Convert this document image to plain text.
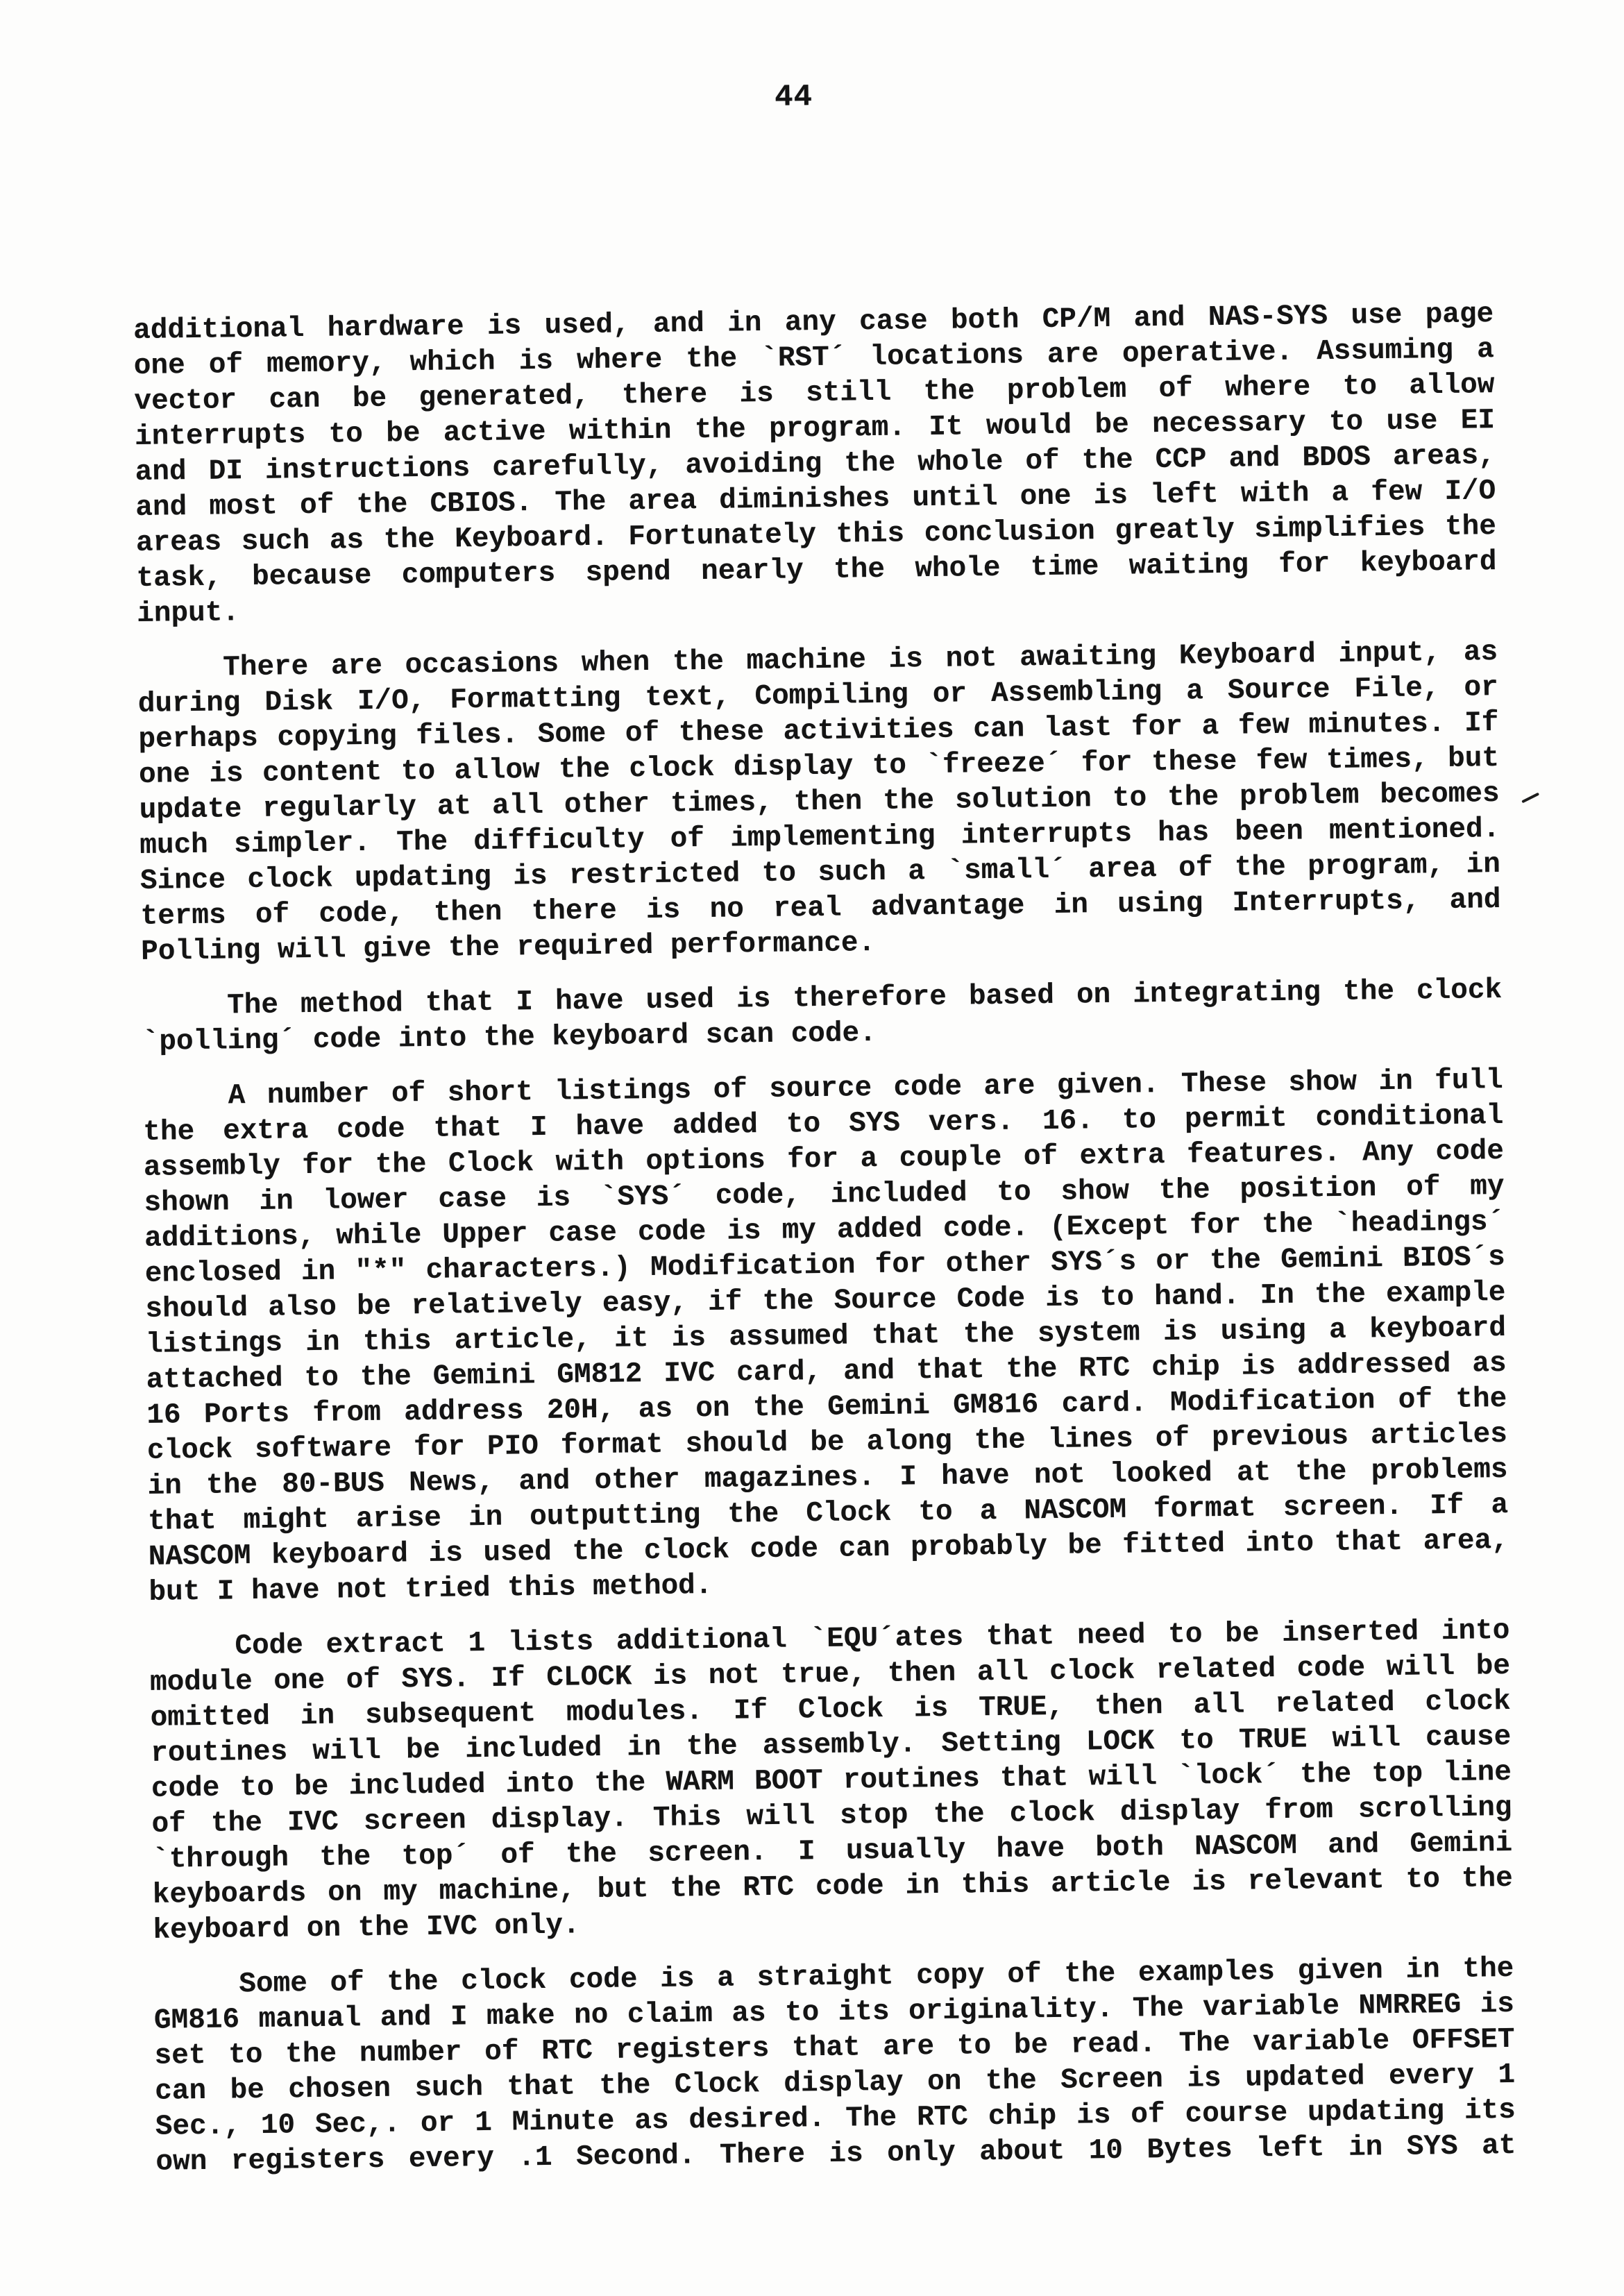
44
additional hardware is used, and in any case both CP/M and NAS-SYS use page
one of memory, which is where the `RST´ locations are operative. Assuming a
vector can be generated, there is still the problem of where to allow
interrupts to be active within the program. It would be necessary to use EI
and DI instructions carefully, avoiding the whole of the CCP and BDOS areas,
and most of the CBIOS. The area diminishes until one is left with a few I/O
areas such as the Keyboard. Fortunately this conclusion greatly simplifies the
task, because computers spend nearly the whole time waiting for keyboard
input.
There are occasions when the machine is not awaiting Keyboard input, as
during Disk I/O, Formatting text, Compiling or Assembling a Source File, or
perhaps copying files. Some of these activities can last for a few minutes. If
one is content to allow the clock display to `freeze´ for these few times, but
update regularly at all other times, then the solution to the problem becomes
much simpler. The difficulty of implementing interrupts has been mentioned.
Since clock updating is restricted to such a `small´ area of the program, in
terms of code, then there is no real advantage in using Interrupts, and
Polling will give the required performance.
The method that I have used is therefore based on integrating the clock
`polling´ code into the keyboard scan code.
A number of short listings of source code are given. These show in full
the extra code that I have added to SYS vers. 16. to permit conditional
assembly for the Clock with options for a couple of extra features. Any code
shown in lower case is `SYS´ code, included to show the position of my
additions, while Upper case code is my added code. (Except for the `headings´
enclosed in "*" characters.) Modification for other SYS´s or the Gemini BIOS´s
should also be relatively easy, if the Source Code is to hand. In the example
listings in this article, it is assumed that the system is using a keyboard
attached to the Gemini GM812 IVC card, and that the RTC chip is addressed as
16 Ports from address 20H, as on the Gemini GM816 card. Modification of the
clock software for PIO format should be along the lines of previous articles
in the 80-BUS News, and other magazines. I have not looked at the problems
that might arise in outputting the Clock to a NASCOM format screen. If a
NASCOM keyboard is used the clock code can probably be fitted into that area,
but I have not tried this method.
Code extract 1 lists additional `EQU´ates that need to be inserted into
module one of SYS. If CLOCK is not true, then all clock related code will be
omitted in subsequent modules. If Clock is TRUE, then all related clock
routines will be included in the assembly. Setting LOCK to TRUE will cause
code to be included into the WARM BOOT routines that will `lock´ the top line
of the IVC screen display. This will stop the clock display from scrolling
`through the top´ of the screen. I usually have both NASCOM and Gemini
keyboards on my machine, but the RTC code in this article is relevant to the
keyboard on the IVC only.
Some of the clock code is a straight copy of the examples given in the
GM816 manual and I make no claim as to its originality. The variable NMRREG is
set to the number of RTC registers that are to be read. The variable OFFSET
can be chosen such that the Clock display on the Screen is updated every 1
Sec., 10 Sec,. or 1 Minute as desired. The RTC chip is of course updating its
own registers every .1 Second. There is only about 10 Bytes left in SYS at
